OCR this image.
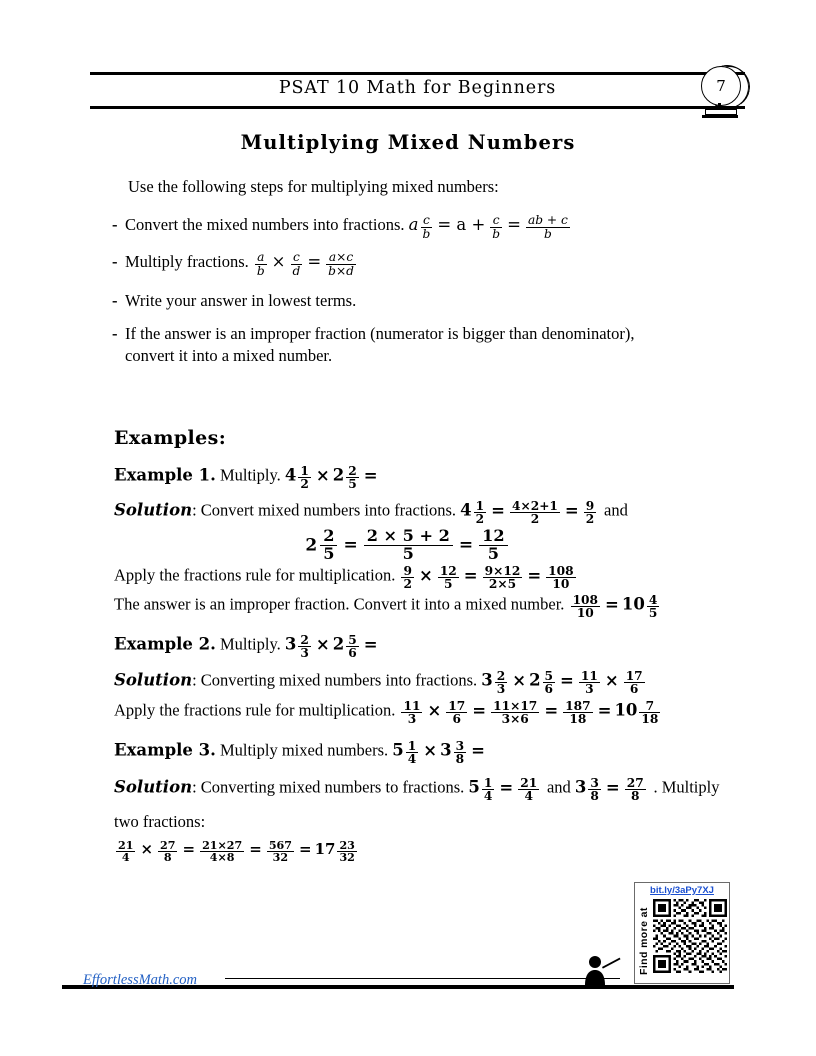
PSAT 10 Math for Beginners	7
Multiplying Mixed Numbers
Use the following steps for multiplying mixed numbers:
- Convert the mixed numbers into fractions. a $\frac{c}{b} = a + \frac{c}{b} = \frac{ab + c}{b}$
- Multiply fractions. $\frac{a}{b} \times \frac{c}{d} = \frac{a\times c}{b\times d}$
- Write your answer in lowest terms.
- If the answer is an improper fraction (numerator is bigger than denominator),
convert it into a mixed number.
Examples:
Example 1. Multiply. $4 \frac{1}{2} \times 2 \frac{2}{5}$ =
Solution: Convert mixed numbers into fractions. $4 \frac{1}{2} = \frac{4\times 2+1}{2} = \frac{9}{2}$ and
$2 \frac{2}{5} = \frac{2 \times 5 + 2}{5} = \frac{12}{5}$
Apply the fractions rule for multiplication. $\frac{9}{2} \times \frac{12}{5} = \frac{9\times 12}{2\times 5} = \frac{108}{10}$
The answer is an improper fraction. Convert it into a mixed number. $\frac{108}{10} = 10 \frac{4}{5}$
Example 2. Multiply. $3 \frac{2}{3} \times 2 \frac{5}{6}$ =
Solution: Converting mixed numbers into fractions. $3 \frac{2}{3} \times 2 \frac{5}{6} = \frac{11}{3} \times \frac{17}{6}$
Apply the fractions rule for multiplication. $\frac{11}{3} \times \frac{17}{6} = \frac{11\times 17}{3\times 6} = \frac{187}{18} = 10 \frac{7}{18}$
Example 3. Multiply mixed numbers. $5 \frac{1}{4} \times 3 \frac{3}{8}$ =
Solution: Converting mixed numbers to fractions. $5 \frac{1}{4} = \frac{21}{4}$ and $3 \frac{3}{8} = \frac{27}{8}$ . Multiply
two fractions:
$\frac{21}{4} \times \frac{27}{8} = \frac{21\times 27}{4\times 8} = \frac{567}{32} = 17 \frac{23}{32}$
bit.ly/3aPy7XJ
Find more at
EffortlessMath.com
